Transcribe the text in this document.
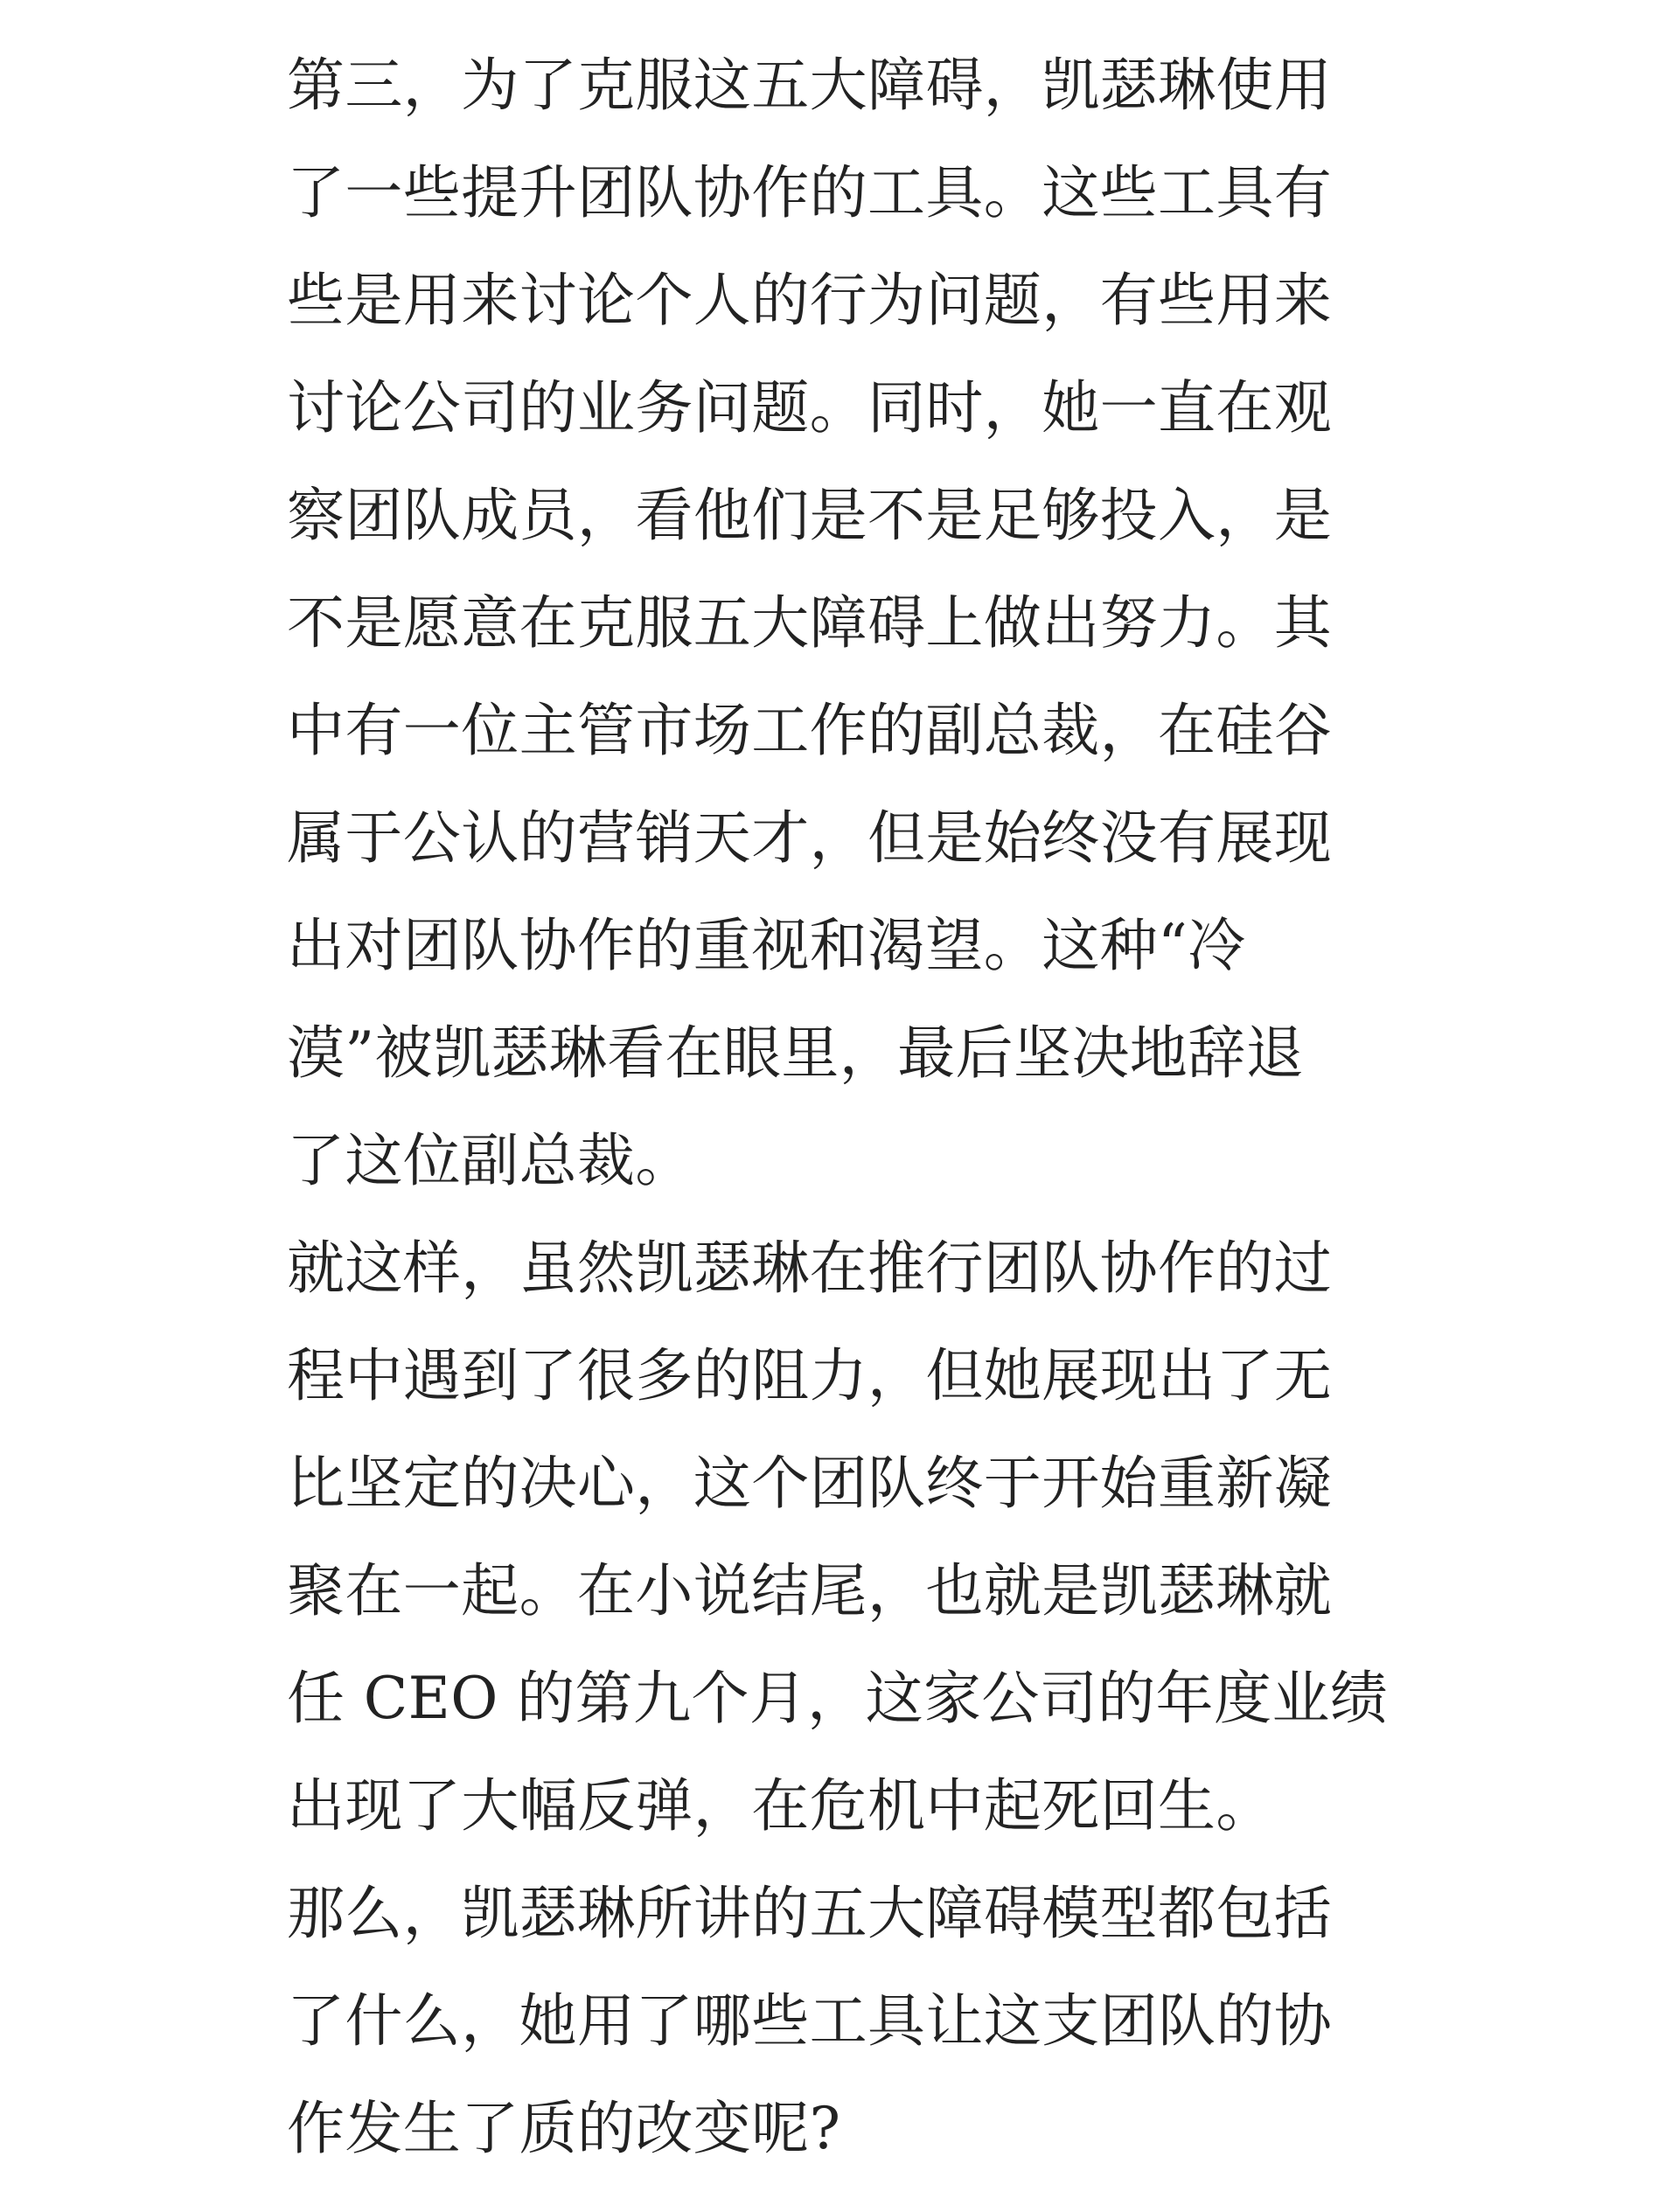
第三，为了克服这五大障碍，凯瑟琳使用
了一些提升团队协作的工具。这些工具有
些是用来讨论个人的行为问题，有些用来
讨论公司的业务问题。同时，她一直在观
察团队成员，看他们是不是足够投入，是
不是愿意在克服五大障碍上做出努力。其
中有一位主管市场工作的副总裁，在硅谷
属于公认的营销天才，但是始终没有展现
出对团队协作的重视和渴望。这种“冷
漠”被凯瑟琳看在眼里，最后坚决地辞退
了这位副总裁。
就这样，虽然凯瑟琳在推行团队协作的过
程中遇到了很多的阻力，但她展现出了无
比坚定的决心，这个团队终于开始重新凝
聚在一起。在小说结尾，也就是凯瑟琳就
任 CEO 的第九个月，这家公司的年度业绩
出现了大幅反弹，在危机中起死回生。
那么，凯瑟琳所讲的五大障碍模型都包括
了什么，她用了哪些工具让这支团队的协
作发生了质的改变呢?
